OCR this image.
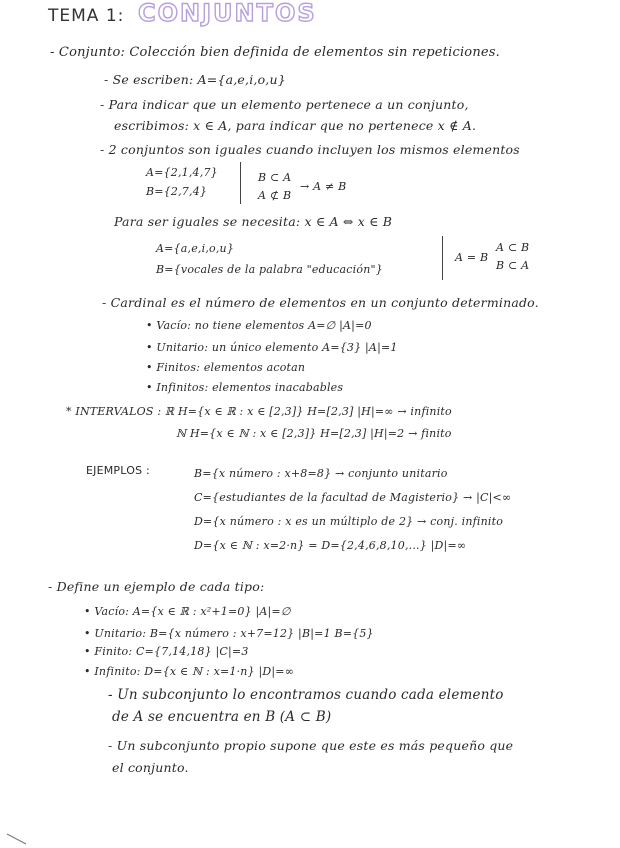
TEMA 1: CONJUNTOS
- Conjunto: Colección bien definida de elementos sin repeticiones.
- Se escriben: A={a,e,i,o,u}
- Para indicar que un elemento pertenece a un conjunto,
escribimos: x ∈ A, para indicar que no pertenece x ∉ A.
- 2 conjuntos son iguales cuando incluyen los mismos elementos
A={2,1,4,7}
B={2,7,4}
B ⊂ A
A ⊄ B
→ A ≠ B
Para ser iguales se necesita: x ∈ A ⇔ x ∈ B
A={a,e,i,o,u}
B={vocales de la palabra "educación"}
A = B
A ⊂ B
B ⊂ A
- Cardinal es el número de elementos en un conjunto determinado.
• Vacío: no tiene elementos A=∅ |A|=0
• Unitario: un único elemento A={3} |A|=1
• Finitos: elementos acotan
• Infinitos: elementos inacabables
* INTERVALOS : ℝ H={x ∈ ℝ : x ∈ [2,3]} H=[2,3] |H|=∞ → infinito
ℕ H={x ∈ ℕ : x ∈ [2,3]} H=[2,3] |H|=2 → finito
EJEMPLOS :	B={x número : x+8=8} → conjunto unitario
C={estudiantes de la facultad de Magisterio} → |C|<∞
D={x número : x es un múltiplo de 2} → conj. infinito
D={x ∈ ℕ : x=2·n} = D={2,4,6,8,10,...} |D|=∞
- Define un ejemplo de cada tipo:
• Vacío: A={x ∈ ℝ : x²+1=0} |A|=∅
• Unitario: B={x número : x+7=12} |B|=1 B={5}
• Finito: C={7,14,18} |C|=3
• Infinito: D={x ∈ ℕ : x=1·n} |D|=∞
- Un subconjunto lo encontramos cuando cada elemento
de A se encuentra en B (A ⊂ B)
- Un subconjunto propio supone que este es más pequeño que
el conjunto.
